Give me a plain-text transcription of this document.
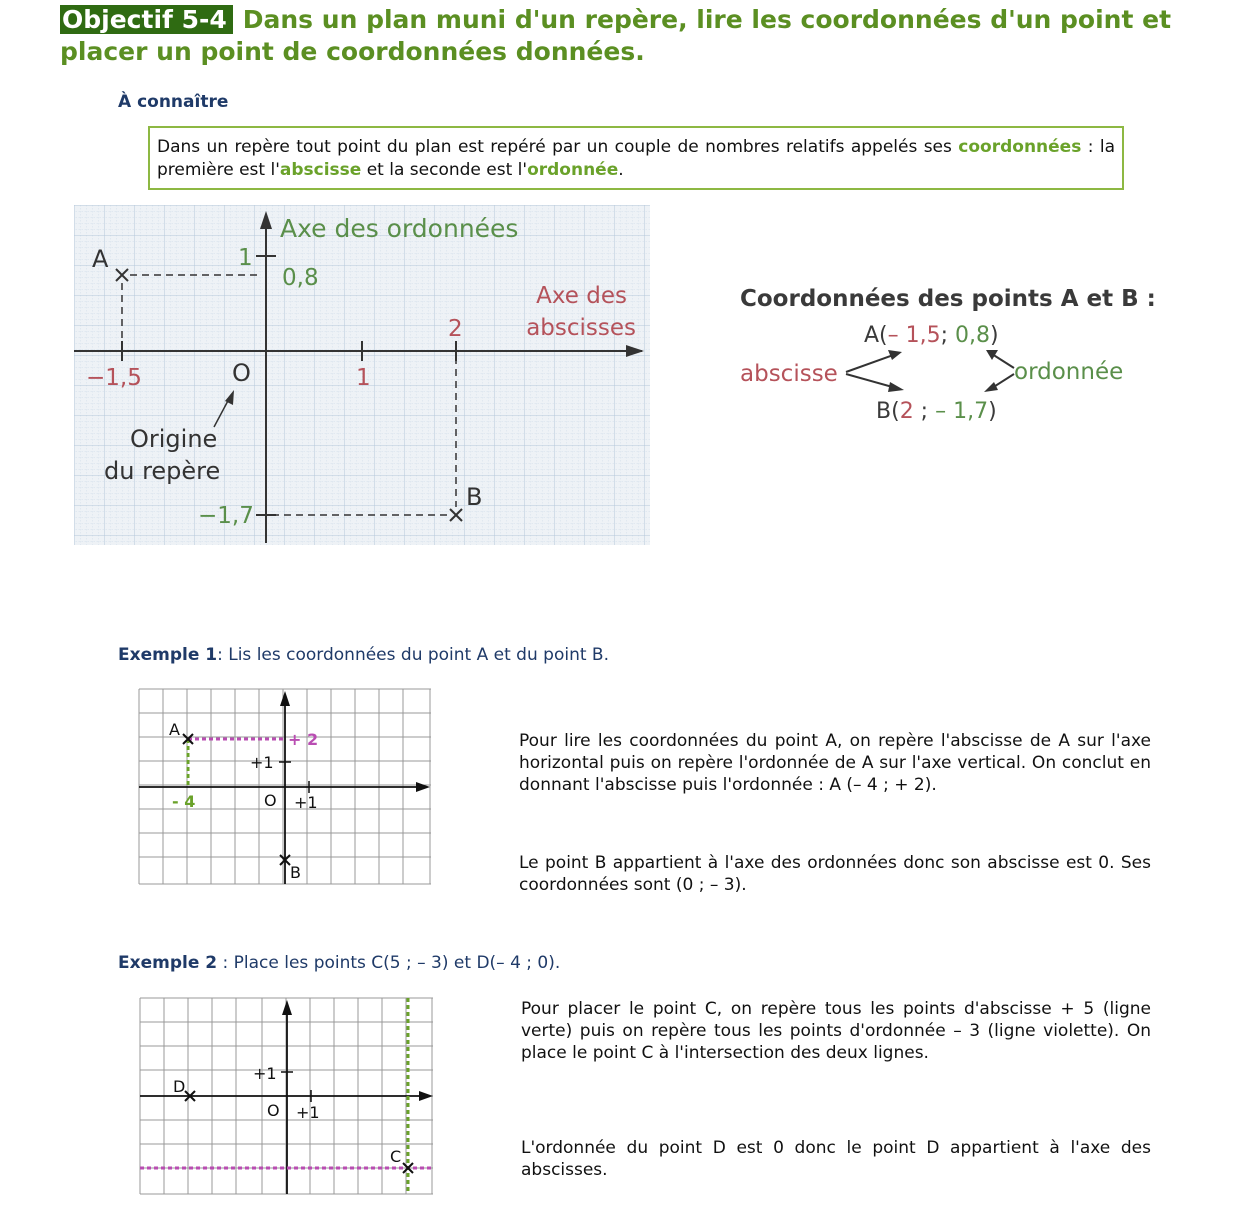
Objectif 5-4 Dans un plan muni d'un repère, lire les coordonnées d'un point et placer un point de coordonnées données.
À connaître
Dans un repère tout point du plan est repéré par un couple de nombres relatifs appelés ses coordonnées : la première est l'abscisse et la seconde est l'ordonnée.
A
B
O
Axe des ordonnées
1
0,8
Axe des
abscisses
2
−1,5	1
−1,7
Origine
du repère
Coordonnées des points A et B :
A(– 1,5; 0,8)
abscisse	ordonnée
B(2 ; – 1,7)
Exemple 1: Lis les coordonnées du point A et du point B.
A
B
O
+1
+1
+ 2
- 4
Pour lire les coordonnées du point A, on repère l'abscisse de A sur l'axe horizontal puis on repère l'ordonnée de A sur l'axe vertical. On conclut en donnant l'abscisse puis l'ordonnée : A (– 4 ; + 2).
Le point B appartient à l'axe des ordonnées donc son abscisse est 0. Ses coordonnées sont (0 ; – 3).
Exemple 2 : Place les points C(5 ; – 3) et D(– 4 ; 0).
C
D
O
+1
+1
Pour placer le point C, on repère tous les points d'abscisse + 5 (ligne verte) puis on repère tous les points d'ordonnée – 3 (ligne violette). On place le point C à l'intersection des deux lignes.
L'ordonnée du point D est 0 donc le point D appartient à l'axe des abscisses.
